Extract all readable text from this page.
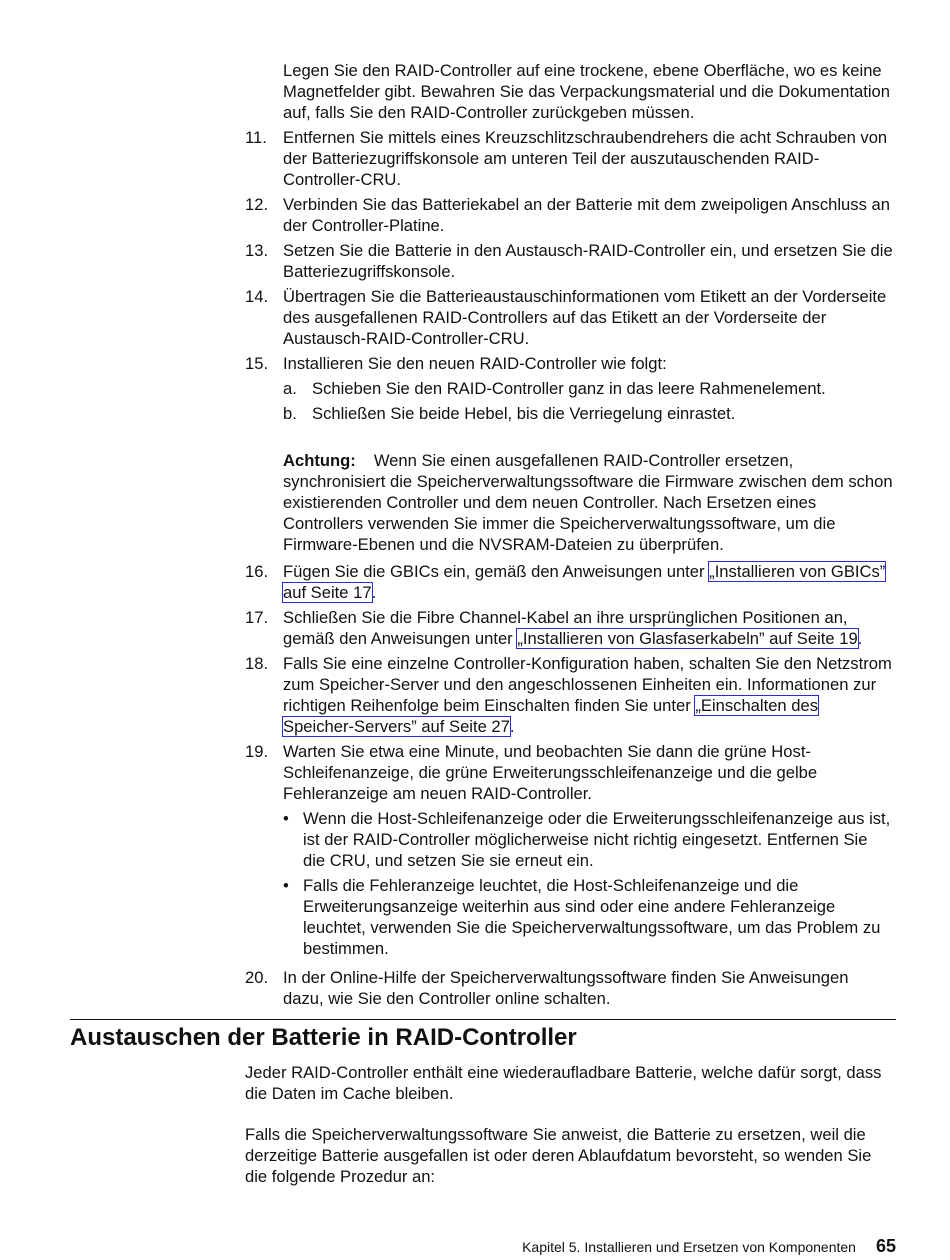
Legen Sie den RAID-Controller auf eine trockene, ebene Oberfläche, wo es keine Magnetfelder gibt. Bewahren Sie das Verpackungsmaterial und die Dokumentation auf, falls Sie den RAID-Controller zurückgeben müssen.

11. Entfernen Sie mittels eines Kreuzschlitzschraubendrehers die acht Schrauben von der Batteriezugriffskonsole am unteren Teil der auszutauschenden RAID-Controller-CRU.
12. Verbinden Sie das Batteriekabel an der Batterie mit dem zweipoligen Anschluss an der Controller-Platine.
13. Setzen Sie die Batterie in den Austausch-RAID-Controller ein, und ersetzen Sie die Batteriezugriffskonsole.
14. Übertragen Sie die Batterieaustauschinformationen vom Etikett an der Vorderseite des ausgefallenen RAID-Controllers auf das Etikett an der Vorderseite der Austausch-RAID-Controller-CRU.
15. Installieren Sie den neuen RAID-Controller wie folgt:
a. Schieben Sie den RAID-Controller ganz in das leere Rahmenelement.
b. Schließen Sie beide Hebel, bis die Verriegelung einrastet.

Achtung: Wenn Sie einen ausgefallenen RAID-Controller ersetzen, synchronisiert die Speicherverwaltungssoftware die Firmware zwischen dem schon existierenden Controller und dem neuen Controller. Nach Ersetzen eines Controllers verwenden Sie immer die Speicherverwaltungssoftware, um die Firmware-Ebenen und die NVSRAM-Dateien zu überprüfen.

16. Fügen Sie die GBICs ein, gemäß den Anweisungen unter „Installieren von GBICs” auf Seite 17.
17. Schließen Sie die Fibre Channel-Kabel an ihre ursprünglichen Positionen an, gemäß den Anweisungen unter „Installieren von Glasfaserkabeln” auf Seite 19.
18. Falls Sie eine einzelne Controller-Konfiguration haben, schalten Sie den Netzstrom zum Speicher-Server und den angeschlossenen Einheiten ein. Informationen zur richtigen Reihenfolge beim Einschalten finden Sie unter „Einschalten des Speicher-Servers” auf Seite 27.
19. Warten Sie etwa eine Minute, und beobachten Sie dann die grüne Host-Schleifenanzeige, die grüne Erweiterungsschleifenanzeige und die gelbe Fehleranzeige am neuen RAID-Controller.
• Wenn die Host-Schleifenanzeige oder die Erweiterungsschleifenanzeige aus ist, ist der RAID-Controller möglicherweise nicht richtig eingesetzt. Entfernen Sie die CRU, und setzen Sie sie erneut ein.
• Falls die Fehleranzeige leuchtet, die Host-Schleifenanzeige und die Erweiterungsanzeige weiterhin aus sind oder eine andere Fehleranzeige leuchtet, verwenden Sie die Speicherverwaltungssoftware, um das Problem zu bestimmen.
20. In der Online-Hilfe der Speicherverwaltungssoftware finden Sie Anweisungen dazu, wie Sie den Controller online schalten.
Austauschen der Batterie in RAID-Controller

Jeder RAID-Controller enthält eine wiederaufladbare Batterie, welche dafür sorgt, dass die Daten im Cache bleiben.

Falls die Speicherverwaltungssoftware Sie anweist, die Batterie zu ersetzen, weil die derzeitige Batterie ausgefallen ist oder deren Ablaufdatum bevorsteht, so wenden Sie die folgende Prozedur an:

Kapitel 5. Installieren und Ersetzen von Komponenten 65
